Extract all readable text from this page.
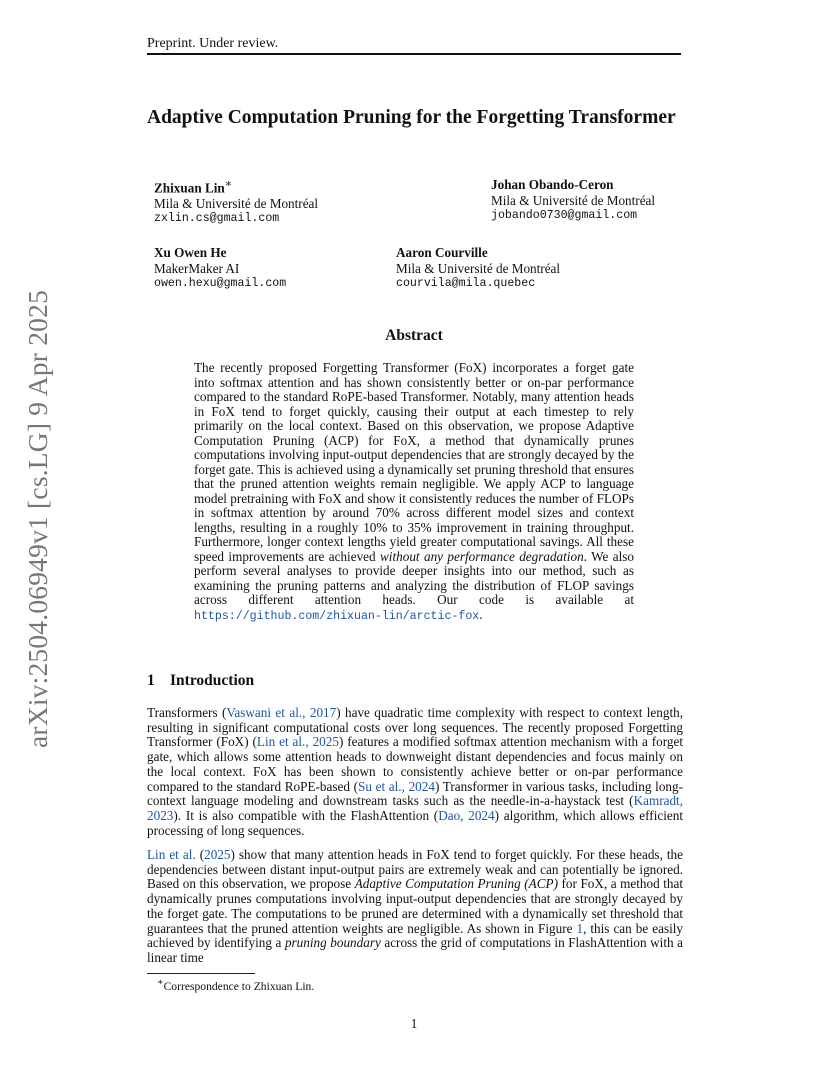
Preprint. Under review.
Adaptive Computation Pruning for the Forgetting Transformer
Zhixuan Lin∗
Mila & Université de Montréal
zxlin.cs@gmail.com
Johan Obando-Ceron
Mila & Université de Montréal
jobando0730@gmail.com
Xu Owen He
MakerMaker AI
owen.hexu@gmail.com
Aaron Courville
Mila & Université de Montréal
courvila@mila.quebec
arXiv:2504.06949v1 [cs.LG] 9 Apr 2025	Abstract
The recently proposed Forgetting Transformer (FoX) incorporates a forget gate into softmax attention and has shown consistently better or on-par performance compared to the standard RoPE-based Transformer. Notably, many attention heads in FoX tend to forget quickly, causing their output at each timestep to rely primarily on the local context. Based on this observation, we propose Adaptive Computation Pruning (ACP) for FoX, a method that dynamically prunes computations involving input-output dependencies that are strongly decayed by the forget gate. This is achieved using a dynamically set pruning threshold that ensures that the pruned attention weights remain negligible. We apply ACP to language model pretraining with FoX and show it consistently reduces the number of FLOPs in softmax attention by around 70% across different model sizes and context lengths, resulting in a roughly 10% to 35% improvement in training throughput. Furthermore, longer context lengths yield greater computational savings. All these speed improvements are achieved without any performance degradation. We also perform several analyses to provide deeper insights into our method, such as examining the pruning patterns and analyzing the distribution of FLOP savings across different attention heads. Our code is available at https://github.com/zhixuan-lin/arctic-fox.
1 Introduction
Transformers (Vaswani et al., 2017) have quadratic time complexity with respect to context length, resulting in significant computational costs over long sequences. The recently proposed Forgetting Transformer (FoX) (Lin et al., 2025) features a modified softmax attention mechanism with a forget gate, which allows some attention heads to downweight distant dependencies and focus mainly on the local context. FoX has been shown to consistently achieve better or on-par performance compared to the standard RoPE-based (Su et al., 2024) Transformer in various tasks, including long-context language modeling and downstream tasks such as the needle-in-a-haystack test (Kamradt, 2023). It is also compatible with the FlashAttention (Dao, 2024) algorithm, which allows efficient processing of long sequences.
Lin et al. (2025) show that many attention heads in FoX tend to forget quickly. For these heads, the dependencies between distant input-output pairs are extremely weak and can potentially be ignored. Based on this observation, we propose Adaptive Computation Pruning (ACP) for FoX, a method that dynamically prunes computations involving input-output dependencies that are strongly decayed by the forget gate. The computations to be pruned are determined with a dynamically set threshold that guarantees that the pruned attention weights are negligible. As shown in Figure 1, this can be easily achieved by identifying a pruning boundary across the grid of computations in FlashAttention with a linear time
∗Correspondence to Zhixuan Lin.
1
